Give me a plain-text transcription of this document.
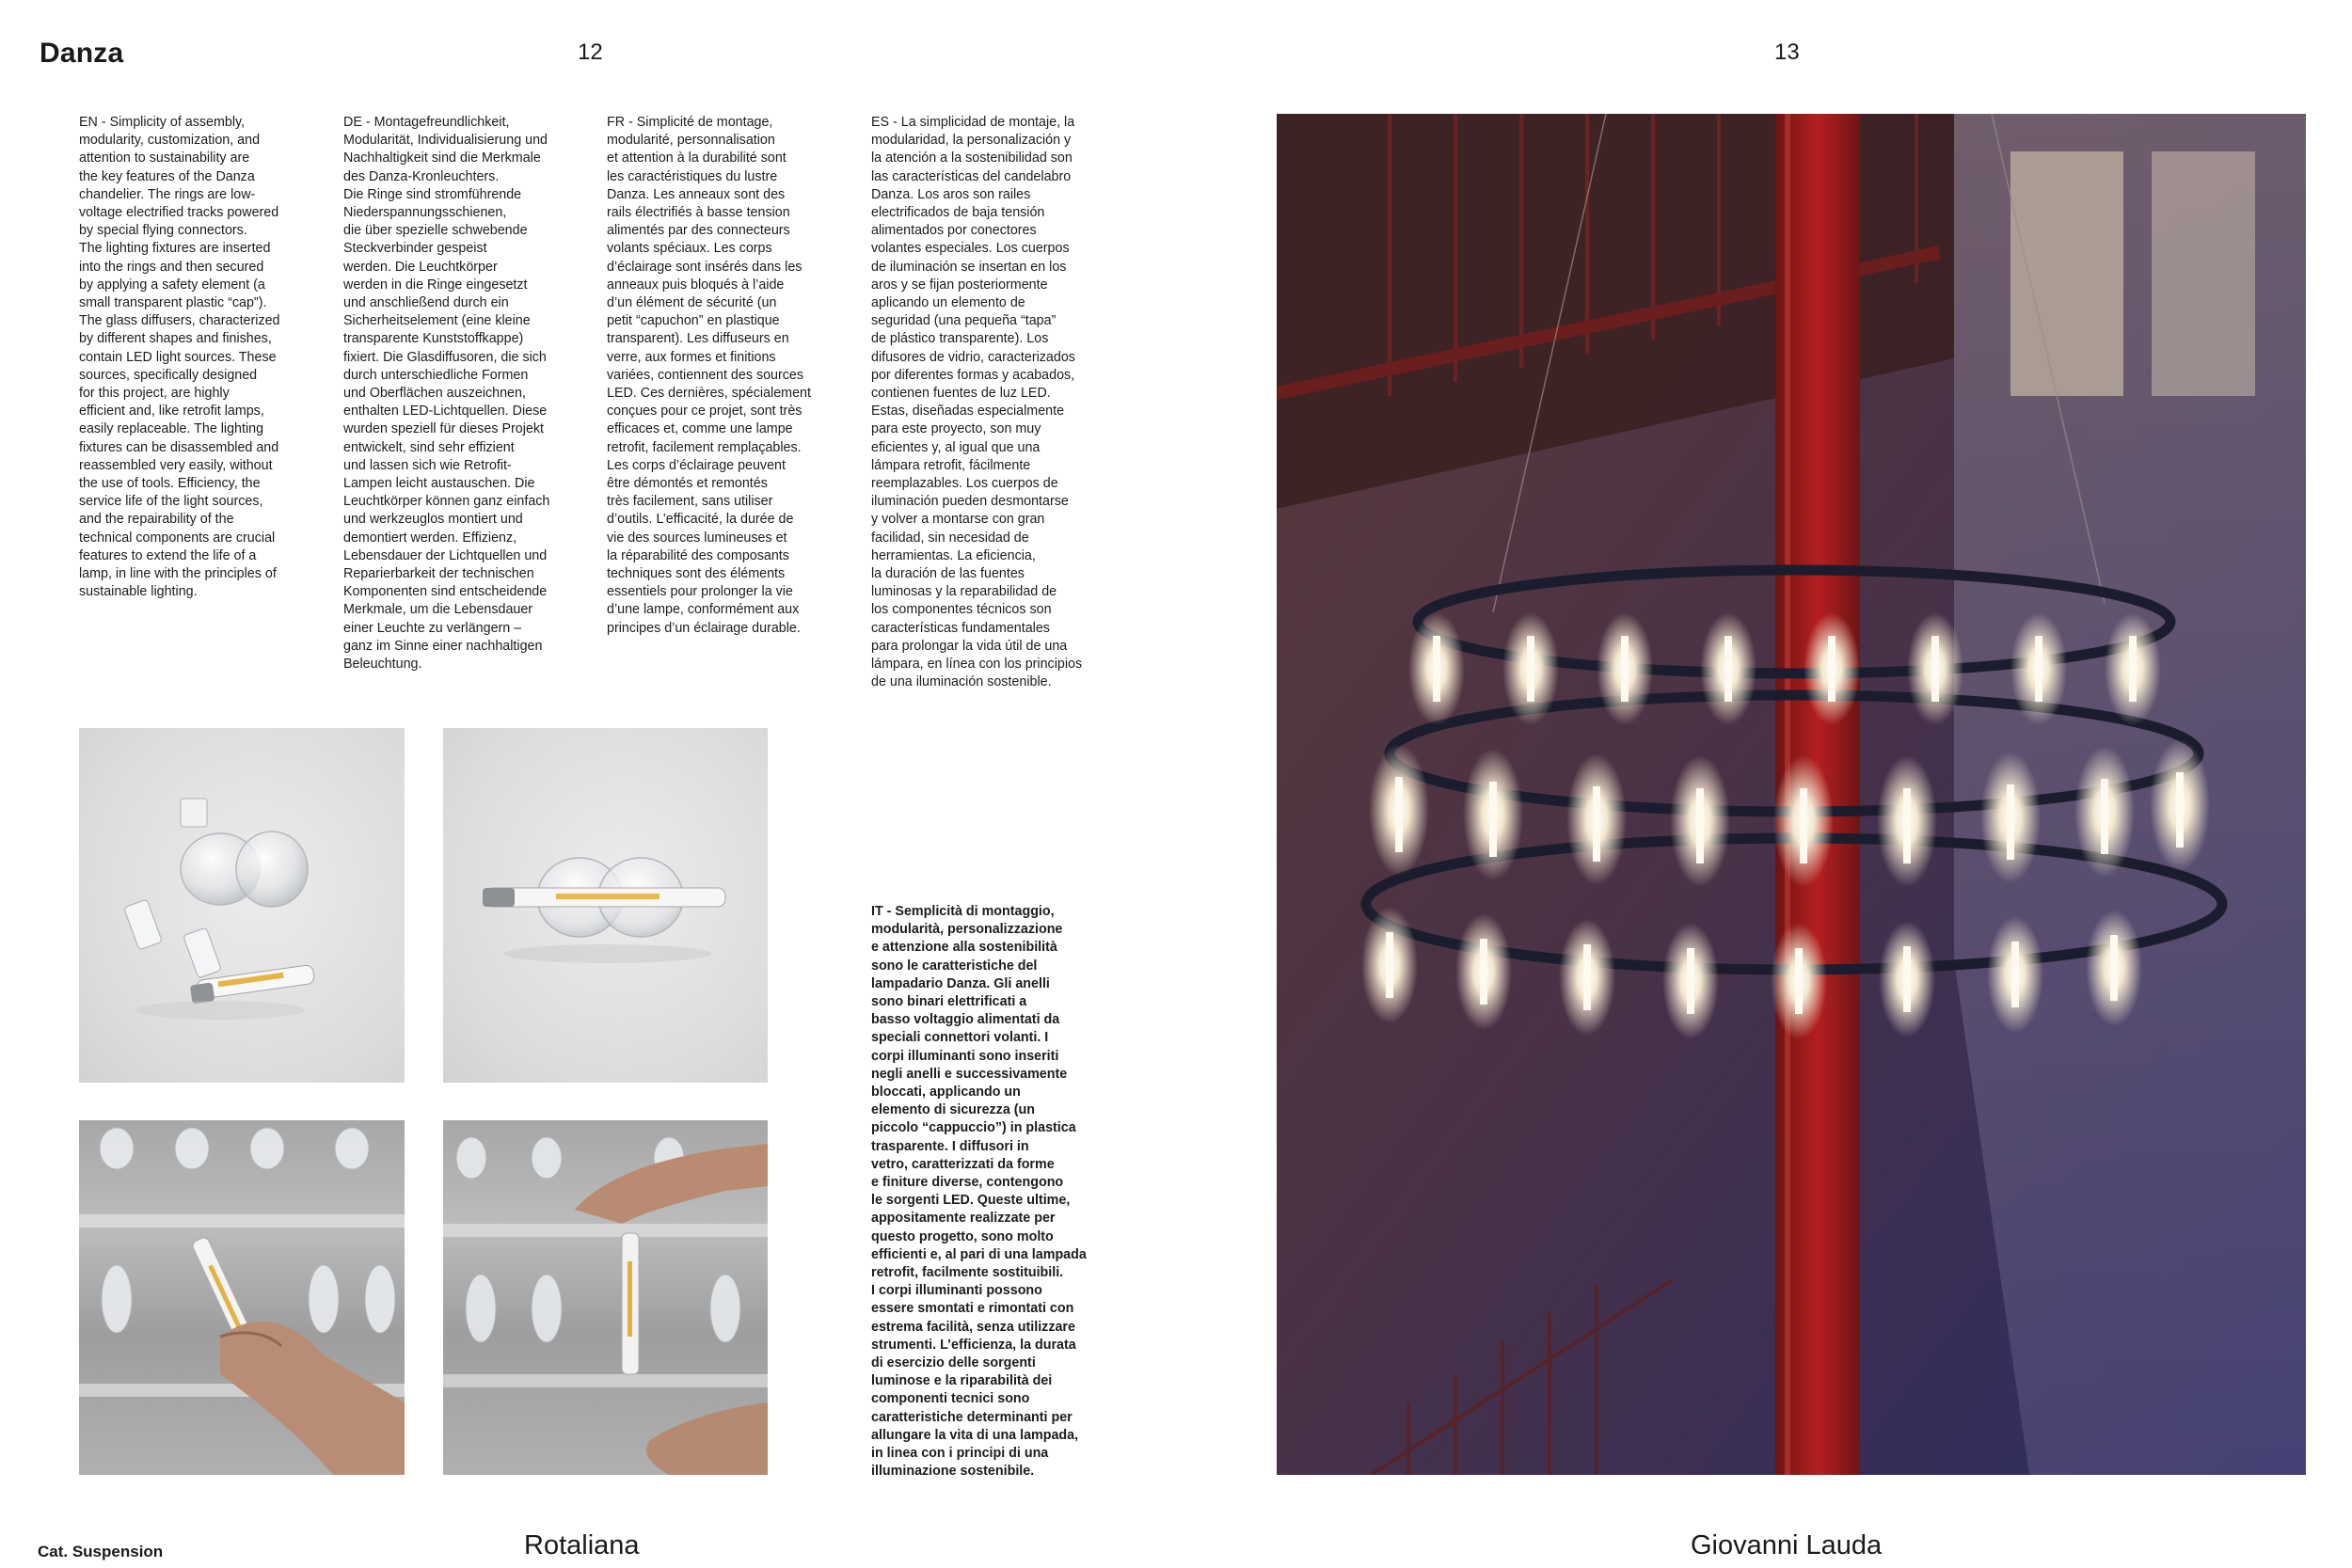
Danza	12	13
EN - Simplicity of assembly,
modularity, customization, and
attention to sustainability are
the key features of the Danza
chandelier. The rings are low-
voltage electrified tracks powered
by special flying connectors.
The lighting fixtures are inserted
into the rings and then secured
by applying a safety element (a
small transparent plastic “cap”).
The glass diffusers, characterized
by different shapes and finishes,
contain LED light sources. These
sources, specifically designed
for this project, are highly
efficient and, like retrofit lamps,
easily replaceable. The lighting
fixtures can be disassembled and
reassembled very easily, without
the use of tools. Efficiency, the
service life of the light sources,
and the repairability of the
technical components are crucial
features to extend the life of a
lamp, in line with the principles of
sustainable lighting.
DE - Montagefreundlichkeit,
Modularität, Individualisierung und
Nachhaltigkeit sind die Merkmale
des Danza-Kronleuchters.
Die Ringe sind stromführende
Niederspannungsschienen,
die über spezielle schwebende
Steckverbinder gespeist
werden. Die Leuchtkörper
werden in die Ringe eingesetzt
und anschließend durch ein
Sicherheitselement (eine kleine
transparente Kunststoffkappe)
fixiert. Die Glasdiffusoren, die sich
durch unterschiedliche Formen
und Oberflächen auszeichnen,
enthalten LED-Lichtquellen. Diese
wurden speziell für dieses Projekt
entwickelt, sind sehr effizient
und lassen sich wie Retrofit-
Lampen leicht austauschen. Die
Leuchtkörper können ganz einfach
und werkzeuglos montiert und
demontiert werden. Effizienz,
Lebensdauer der Lichtquellen und
Reparierbarkeit der technischen
Komponenten sind entscheidende
Merkmale, um die Lebensdauer
einer Leuchte zu verlängern –
ganz im Sinne einer nachhaltigen
Beleuchtung.
FR - Simplicité de montage,
modularité, personnalisation
et attention à la durabilité sont
les caractéristiques du lustre
Danza. Les anneaux sont des
rails électrifiés à basse tension
alimentés par des connecteurs
volants spéciaux. Les corps
d’éclairage sont insérés dans les
anneaux puis bloqués à l’aide
d’un élément de sécurité (un
petit “capuchon” en plastique
transparent). Les diffuseurs en
verre, aux formes et finitions
variées, contiennent des sources
LED. Ces dernières, spécialement
conçues pour ce projet, sont très
efficaces et, comme une lampe
retrofit, facilement remplaçables.
Les corps d’éclairage peuvent
être démontés et remontés
très facilement, sans utiliser
d’outils. L’efficacité, la durée de
vie des sources lumineuses et
la réparabilité des composants
techniques sont des éléments
essentiels pour prolonger la vie
d’une lampe, conformément aux
principes d’un éclairage durable.
ES - La simplicidad de montaje, la
modularidad, la personalización y
la atención a la sostenibilidad son
las características del candelabro
Danza. Los aros son railes
electrificados de baja tensión
alimentados por conectores
volantes especiales. Los cuerpos
de iluminación se insertan en los
aros y se fijan posteriormente
aplicando un elemento de
seguridad (una pequeña “tapa”
de plástico transparente). Los
difusores de vidrio, caracterizados
por diferentes formas y acabados,
contienen fuentes de luz LED.
Estas, diseñadas especialmente
para este proyecto, son muy
eficientes y, al igual que una
lámpara retrofit, fácilmente
reemplazables. Los cuerpos de
iluminación pueden desmontarse
y volver a montarse con gran
facilidad, sin necesidad de
herramientas. La eficiencia,
la duración de las fuentes
luminosas y la reparabilidad de
los componentes técnicos son
características fundamentales
para prolongar la vida útil de una
lámpara, en línea con los principios
de una iluminación sostenible.
IT - Semplicità di montaggio,
modularità, personalizzazione
e attenzione alla sostenibilità
sono le caratteristiche del
lampadario Danza. Gli anelli
sono binari elettrificati a
basso voltaggio alimentati da
speciali connettori volanti. I
corpi illuminanti sono inseriti
negli anelli e successivamente
bloccati, applicando un
elemento di sicurezza (un
piccolo “cappuccio”) in plastica
trasparente. I diffusori in
vetro, caratterizzati da forme
e finiture diverse, contengono
le sorgenti LED. Queste ultime,
appositamente realizzate per
questo progetto, sono molto
efficienti e, al pari di una lampada
retrofit, facilmente sostituibili.
I corpi illuminanti possono
essere smontati e rimontati con
estrema facilità, senza utilizzare
strumenti. L’efficienza, la durata
di esercizio delle sorgenti
luminose e la riparabilità dei
componenti tecnici sono
caratteristiche determinanti per
allungare la vita di una lampada,
in linea con i principi di una
illuminazione sostenibile.
Cat. Suspension	Rotaliana	Giovanni Lauda
